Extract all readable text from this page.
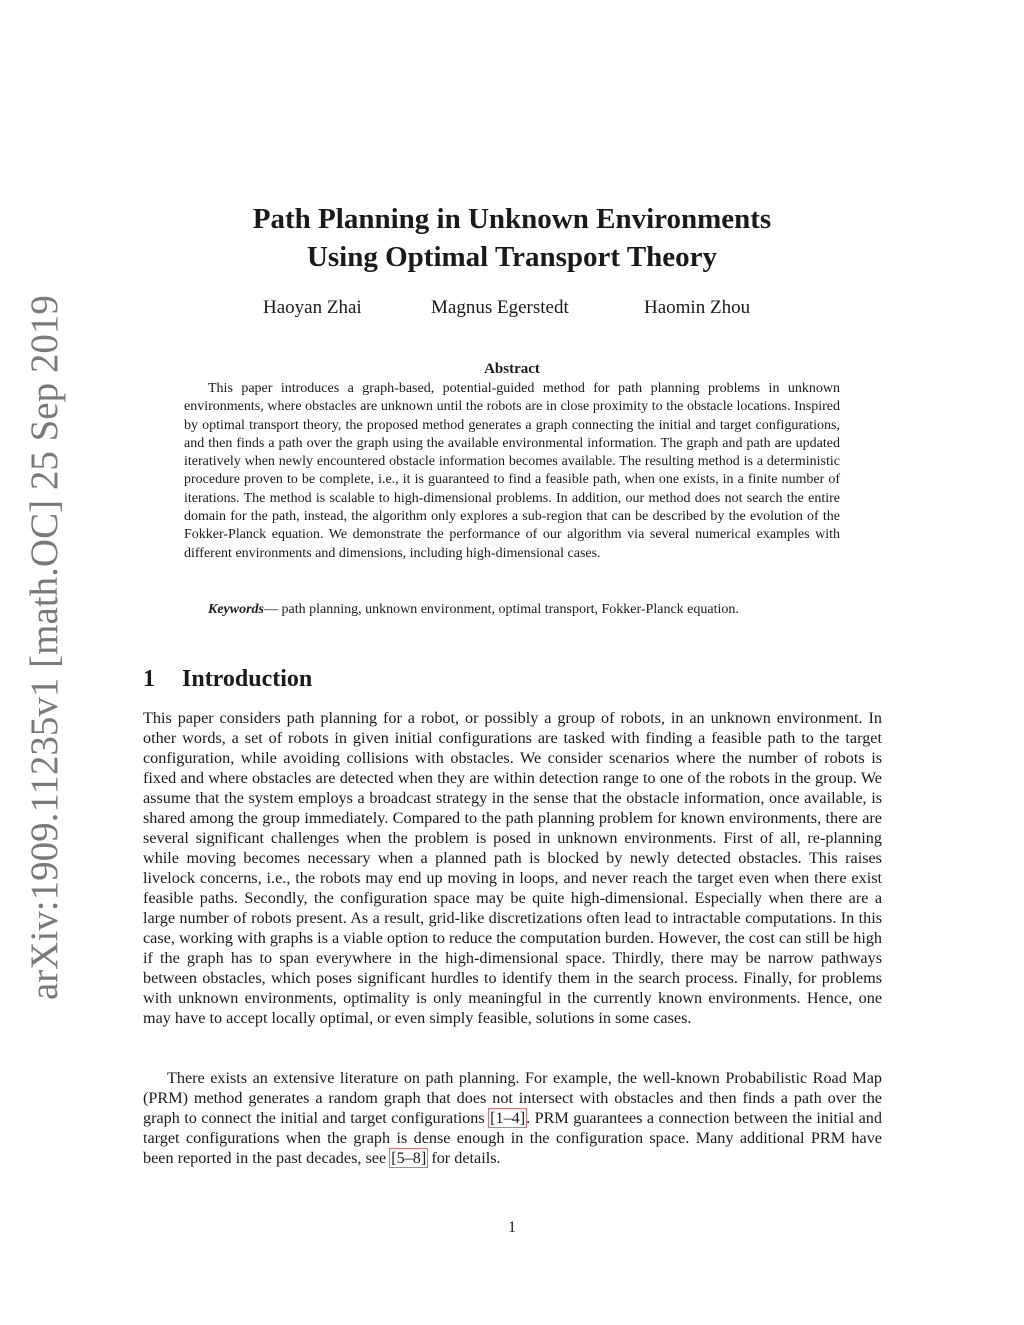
arXiv:1909.11235v1 [math.OC] 25 Sep 2019
Path Planning in Unknown Environments
Using Optimal Transport Theory
Haoyan Zhai	Magnus Egerstedt	Haomin Zhou
Abstract

This paper introduces a graph-based, potential-guided method for path planning problems in unknown environments, where obstacles are unknown until the robots are in close proximity to the obstacle locations. Inspired by optimal transport theory, the proposed method generates a graph connecting the initial and target configurations, and then finds a path over the graph using the available environmental information. The graph and path are updated iteratively when newly encountered obstacle information becomes available. The resulting method is a deterministic procedure proven to be complete, i.e., it is guaranteed to find a feasible path, when one exists, in a finite number of iterations. The method is scalable to high-dimensional problems. In addition, our method does not search the entire domain for the path, instead, the algorithm only explores a sub-region that can be described by the evolution of the Fokker-Planck equation. We demonstrate the performance of our algorithm via several numerical examples with different environments and dimensions, including high-dimensional cases.

Keywords— path planning, unknown environment, optimal transport, Fokker-Planck equation.

1 Introduction

This paper considers path planning for a robot, or possibly a group of robots, in an unknown environment. In other words, a set of robots in given initial configurations are tasked with finding a feasible path to the target configuration, while avoiding collisions with obstacles. We consider scenarios where the number of robots is fixed and where obstacles are detected when they are within detection range to one of the robots in the group. We assume that the system employs a broadcast strategy in the sense that the obstacle information, once available, is shared among the group immediately. Compared to the path planning problem for known environments, there are several significant challenges when the problem is posed in unknown environments. First of all, re-planning while moving becomes necessary when a planned path is blocked by newly detected obstacles. This raises livelock concerns, i.e., the robots may end up moving in loops, and never reach the target even when there exist feasible paths. Secondly, the configuration space may be quite high-dimensional. Especially when there are a large number of robots present. As a result, grid-like discretizations often lead to intractable computations. In this case, working with graphs is a viable option to reduce the computation burden. However, the cost can still be high if the graph has to span everywhere in the high-dimensional space. Thirdly, there may be narrow pathways between obstacles, which poses significant hurdles to identify them in the search process. Finally, for problems with unknown environments, optimality is only meaningful in the currently known environments. Hence, one may have to accept locally optimal, or even simply feasible, solutions in some cases.

There exists an extensive literature on path planning. For example, the well-known Probabilistic Road Map (PRM) method generates a random graph that does not intersect with obstacles and then finds a path over the graph to connect the initial and target configurations [1–4]. PRM guarantees a connection between the initial and target configurations when the graph is dense enough in the configuration space. Many additional PRM have been reported in the past decades, see [5–8] for details.

1
